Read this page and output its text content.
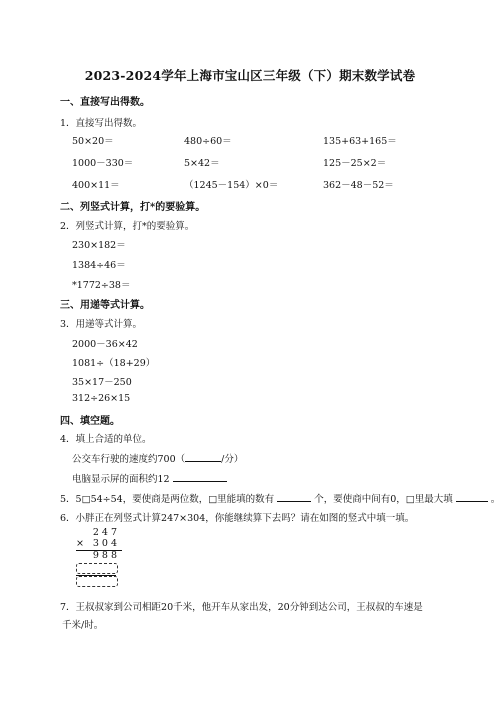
2023-2024学年上海市宝山区三年级（下）期末数学试卷
一、直接写出得数。
1．直接写出得数。
50×20＝	480÷60＝	135+63+165＝
1000－330＝	5×42＝	125－25×2＝
400×11＝	（1245－154）×0＝	362－48－52＝
二、列竖式计算，打*的要验算。
2．列竖式计算，打*的要验算。
230×182＝
1384÷46＝
*1772÷38＝
三、用递等式计算。
3．用递等式计算。
2000－36×42
1081÷（18+29）
35×17－250
312÷26×15
四、填空题。
4．填上合适的单位。
公交车行驶的速度约700（	/分）
电脑显示屏的面积约12
5．5□54÷54，要使商是两位数，□里能填的数有	个，要使商中间有0，□里最大填	。
6．小胖正在列竖式计算247×304，你能继续算下去吗？请在如图的竖式中填一填。
247
× 304
988
7．王叔叔家到公司相距20千米，他开车从家出发，20分钟到达公司，王叔叔的车速是
千米/时。
